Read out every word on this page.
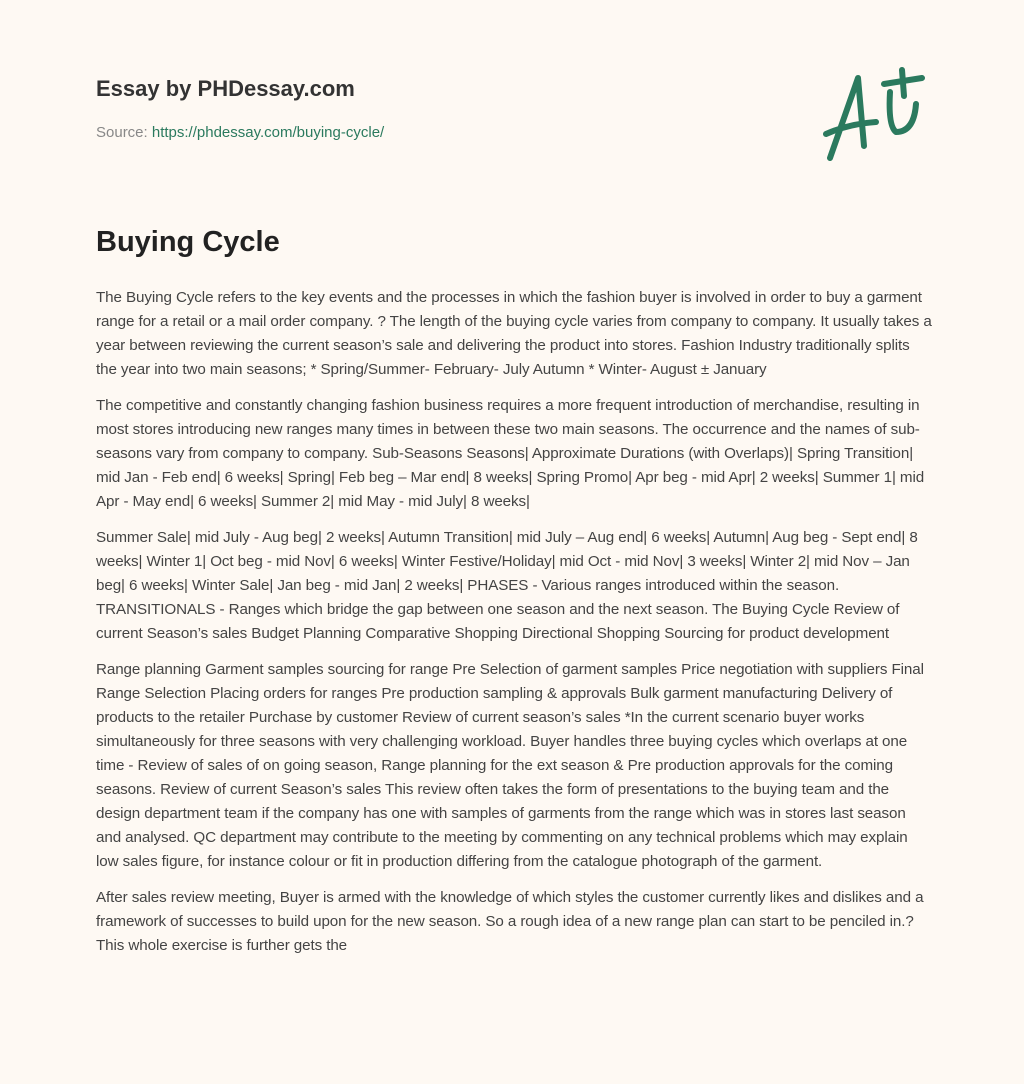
Essay by PHDessay.com
Source: https://phdessay.com/buying-cycle/
Buying Cycle

The Buying Cycle refers to the key events and the processes in which the fashion buyer is involved in order to buy a garment range for a retail or a mail order company. ? The length of the buying cycle varies from company to company. It usually takes a year between reviewing the current season’s sale and delivering the product into stores. Fashion Industry traditionally splits the year into two main seasons; * Spring/Summer- February- July Autumn * Winter- August ± January

The competitive and constantly changing fashion business requires a more frequent introduction of merchandise, resulting in most stores introducing new ranges many times in between these two main seasons. The occurrence and the names of sub-seasons vary from company to company. Sub-Seasons Seasons| Approximate Durations (with Overlaps)| Spring Transition| mid Jan - Feb end| 6 weeks| Spring| Feb beg – Mar end| 8 weeks| Spring Promo| Apr beg - mid Apr| 2 weeks| Summer 1| mid Apr - May end| 6 weeks| Summer 2| mid May - mid July| 8 weeks|

Summer Sale| mid July - Aug beg| 2 weeks| Autumn Transition| mid July – Aug end| 6 weeks| Autumn| Aug beg - Sept end| 8 weeks| Winter 1| Oct beg - mid Nov| 6 weeks| Winter Festive/Holiday| mid Oct - mid Nov| 3 weeks| Winter 2| mid Nov – Jan beg| 6 weeks| Winter Sale| Jan beg - mid Jan| 2 weeks| PHASES - Various ranges introduced within the season. TRANSITIONALS - Ranges which bridge the gap between one season and the next season. The Buying Cycle Review of current Season’s sales Budget Planning Comparative Shopping Directional Shopping Sourcing for product development

Range planning Garment samples sourcing for range Pre Selection of garment samples Price negotiation with suppliers Final Range Selection Placing orders for ranges Pre production sampling & approvals Bulk garment manufacturing Delivery of products to the retailer Purchase by customer Review of current season’s sales *In the current scenario buyer works simultaneously for three seasons with very challenging workload. Buyer handles three buying cycles which overlaps at one time - Review of sales of on going season, Range planning for the ext season & Pre production approvals for the coming seasons. Review of current Season’s sales This review often takes the form of presentations to the buying team and the design department team if the company has one with samples of garments from the range which was in stores last season and analysed. QC department may contribute to the meeting by commenting on any technical problems which may explain low sales figure, for instance colour or fit in production differing from the catalogue photograph of the garment.

After sales review meeting, Buyer is armed with the knowledge of which styles the customer currently likes and dislikes and a framework of successes to build upon for the new season. So a rough idea of a new range plan can start to be penciled in.? This whole exercise is further gets the
